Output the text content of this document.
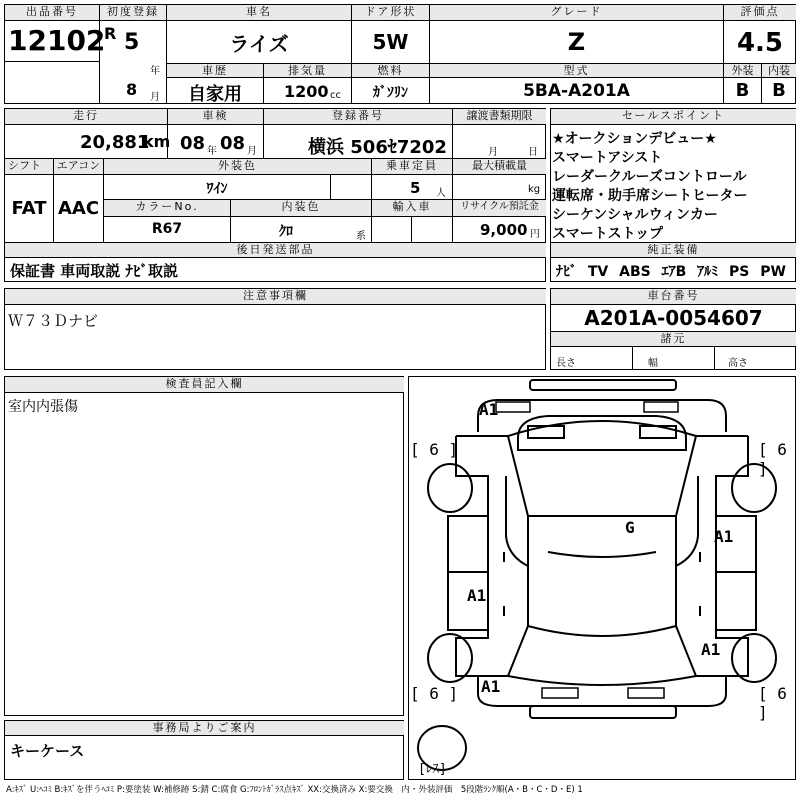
出品番号
12102
初度登録
R 5
年
8 月
車名
ライズ
ドア形状
5W
グレード
Z
評価点
4.5
車歴
自家用
排気量
1200 cc
燃料
ｶﾞｿﾘﾝ
型式
5BA-A201A
外装
B
内装
B
走行
20,881
km
車検
08 年 08 月
登録番号
横浜 506ｾ7202
譲渡書類期限
月	日
シフト
FAT
エアコン
AAC
外装色
ﾜｲﾝ
乗車定員
5 人
最大積載量
kg
カラーNo.
R67
内装色
ｸﾛ	系
輸入車	リサイクル預託金
9,000 円
後日発送部品
保証書 車両取説 ﾅﾋﾞ取説
セールスポイント
★オークションデビュー★
スマートアシスト
レーダークルーズコントロール
運転席・助手席シートヒーター
シーケンシャルウィンカー
スマートストップ
純正装備
ﾅﾋﾞ TV ABS ｴｱB ｱﾙﾐ PS PW
注意事項欄
Ｗ７３Ｄナビ
車台番号
A201A-0054607
諸元
長さ	幅	高さ
検査員記入欄
室内内張傷
事務局よりご案内
キーケース
A1
G	A1
A1
A1
A1
[ 6 ]	[ 6 ]
[ 6 ]	[ 6 ]
[ﾚｽ]
A:ｷｽﾞ U:ﾍｺﾐ B:ｷｽﾞを伴うﾍｺﾐ P:要塗装 W:補修跡 S:錆 C:腐食 G:ﾌﾛﾝﾄｶﾞﾗｽ点ｷｽﾞ XX:交換済み X:要交換　内・外装評価　5段階ﾗﾝｸ順(A・B・C・D・E) 1
